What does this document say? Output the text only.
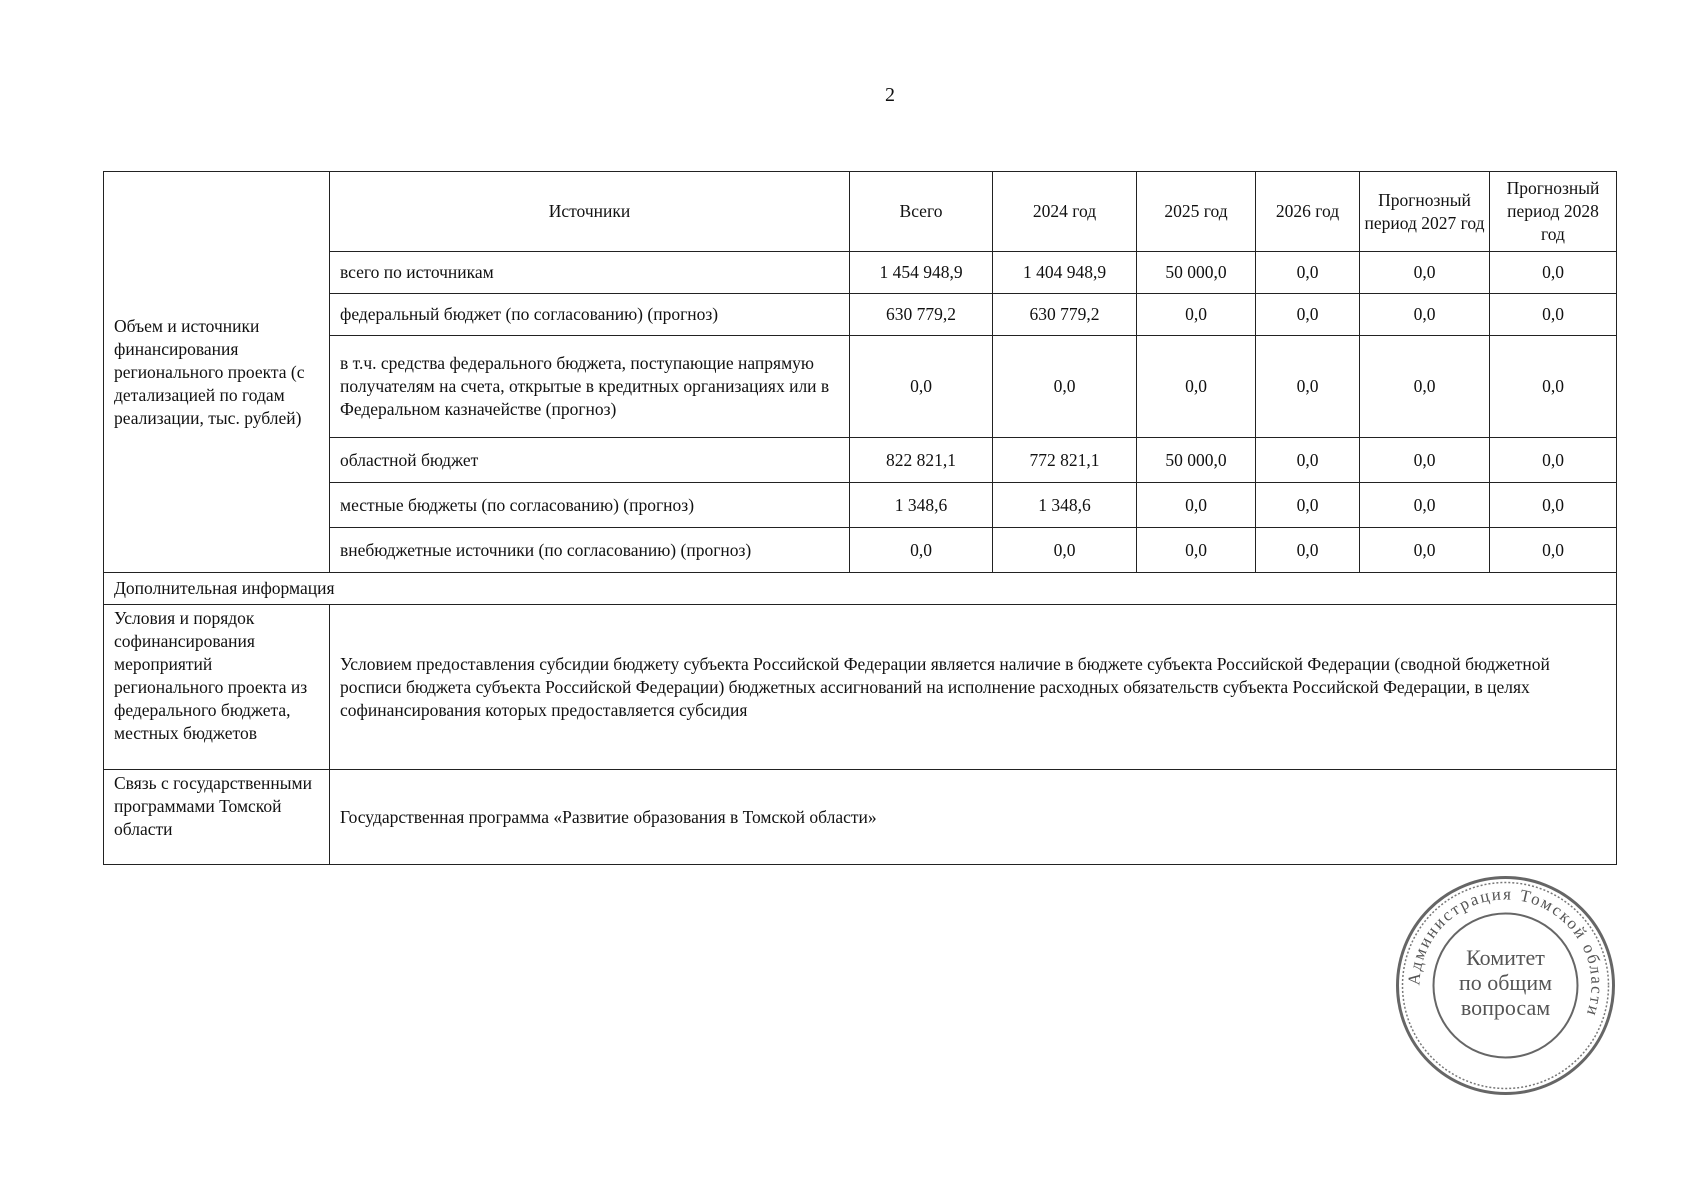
2
Объем и источники финансирования регионального проекта (с детализацией по годам реализации, тыс. рублей)	Источники	Всего	2024 год	2025 год	2026 год	Прогнозный период 2027 год	Прогнозный период 2028 год
	всего по источникам	1 454 948,9	1 404 948,9	50 000,0	0,0	0,0	0,0
	федеральный бюджет (по согласованию) (прогноз)	630 779,2	630 779,2	0,0	0,0	0,0	0,0
	в т.ч. средства федерального бюджета, поступающие напрямую получателям на счета, открытые в кредитных организациях или в Федеральном казначействе (прогноз)	0,0	0,0	0,0	0,0	0,0	0,0
	областной бюджет	822 821,1	772 821,1	50 000,0	0,0	0,0	0,0
	местные бюджеты (по согласованию) (прогноз)	1 348,6	1 348,6	0,0	0,0	0,0	0,0
	внебюджетные источники (по согласованию) (прогноз)	0,0	0,0	0,0	0,0	0,0	0,0
Дополнительная информация							
Условия и порядок софинансирования мероприятий регионального проекта из федерального бюджета, местных бюджетов	Условием предоставления субсидии бюджету субъекта Российской Федерации является наличие в бюджете субъекта Российской Федерации (сводной бюджетной росписи бюджета субъекта Российской Федерации) бюджетных ассигнований на исполнение расходных обязательств субъекта Российской Федерации, в целях софинансирования которых предоставляется субсидия						
Связь с государственными программами Томской области	Государственная программа «Развитие образования в Томской области»						
Администрация Томской области
Комитет
по общим
вопросам
